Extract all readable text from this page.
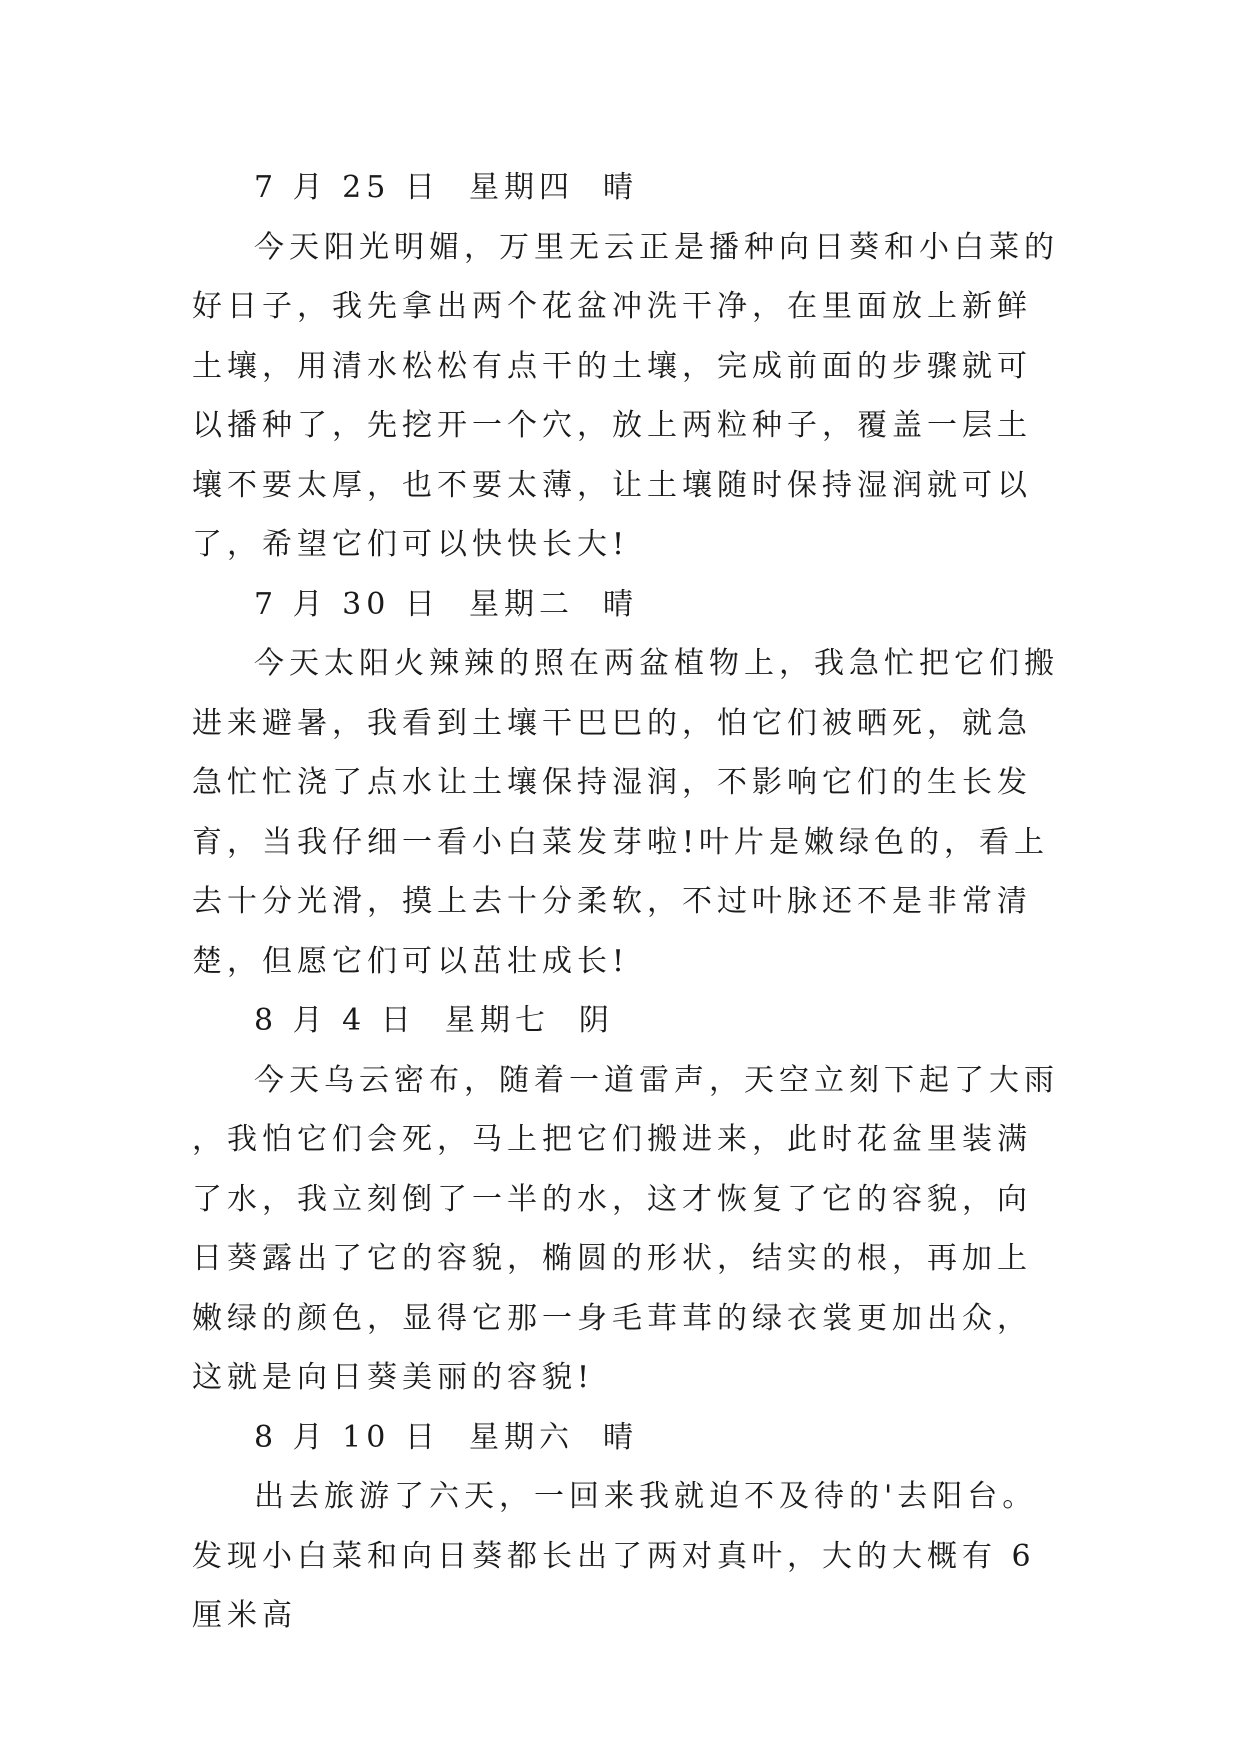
7 月 25 日  星期四  晴

今天阳光明媚，万里无云正是播种向日葵和小白菜的好日子，我先拿出两个花盆冲洗干净，在里面放上新鲜土壤，用清水松松有点干的土壤，完成前面的步骤就可以播种了，先挖开一个穴，放上两粒种子，覆盖一层土壤不要太厚，也不要太薄，让土壤随时保持湿润就可以了，希望它们可以快快长大!

7 月 30 日  星期二  晴

今天太阳火辣辣的照在两盆植物上，我急忙把它们搬进来避暑，我看到土壤干巴巴的，怕它们被晒死，就急急忙忙浇了点水让土壤保持湿润，不影响它们的生长发育，当我仔细一看小白菜发芽啦!叶片是嫩绿色的，看上去十分光滑，摸上去十分柔软，不过叶脉还不是非常清楚，但愿它们可以茁壮成长!

8 月 4 日  星期七  阴

今天乌云密布，随着一道雷声，天空立刻下起了大雨，我怕它们会死，马上把它们搬进来，此时花盆里装满了水，我立刻倒了一半的水，这才恢复了它的容貌，向日葵露出了它的容貌，椭圆的形状，结实的根，再加上嫩绿的颜色，显得它那一身毛茸茸的绿衣裳更加出众，这就是向日葵美丽的容貌!

8 月 10 日  星期六  晴

出去旅游了六天，一回来我就迫不及待的'去阳台。发现小白菜和向日葵都长出了两对真叶，大的大概有 6 厘米高
